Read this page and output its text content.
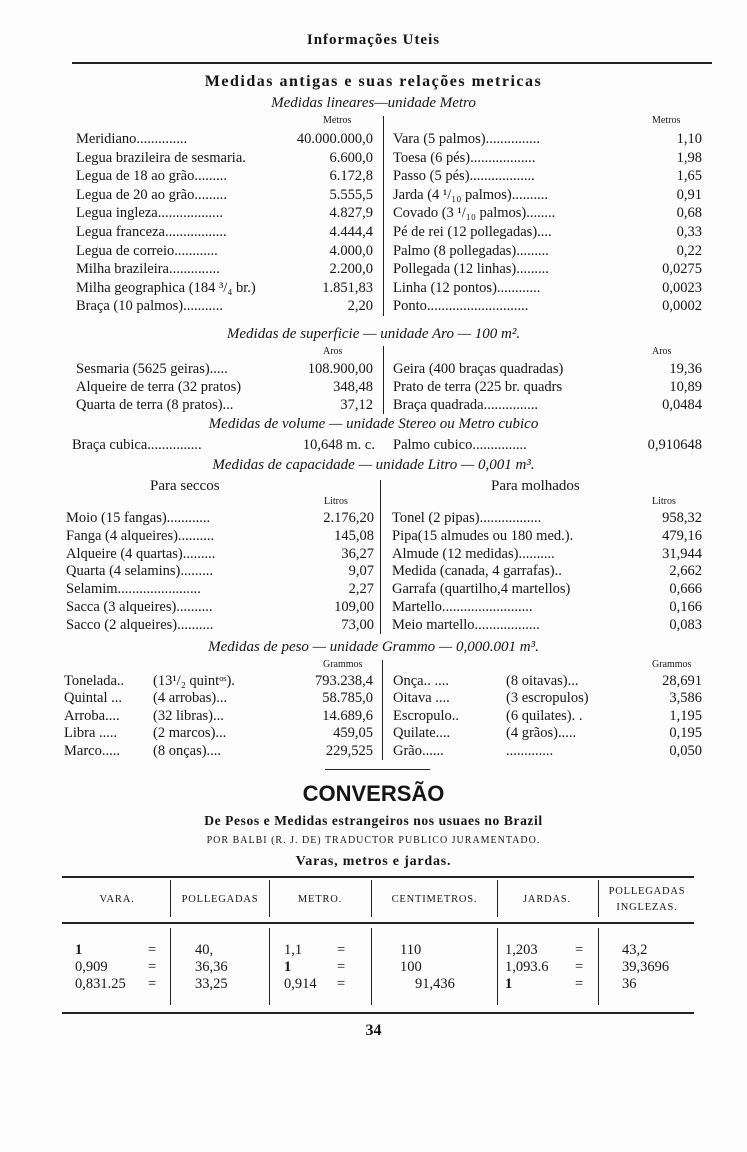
Informações Uteis
Medidas antigas e suas relações metricas
Medidas lineares—unidade Metro
CONVERSÃO
De Pesos e Medidas estrangeiros nos usuaes no Brazil
POR BALBI (R. J. DE) TRADUCTOR PUBLICO JURAMENTADO.
Varas, metros e jardas.
34
Metros	Metros
Meridiano..............	40.000.000,0
Legua brazileira de sesmaria.	6.600,0
Legua de 18 ao grão.........	6.172,8
Legua de 20 ao grão.........	5.555,5
Legua ingleza..................	4.827,9
Legua franceza.................	4.444,4
Legua de correio............	4.000,0
Milha brazileira..............	2.200,0
Milha geographica (184 ³/₄ br.)	1.851,83
Braça (10 palmos)...........	2,20
Vara (5 palmos)...............	1,10
Toesa (6 pés)..................	1,98
Passo (5 pés)..................	1,65
Jarda (4 ¹/₁₀ palmos)..........	0,91
Covado (3 ¹/₁₀ palmos)........	0,68
Pé de rei (12 pollegadas)....	0,33
Palmo (8 pollegadas).........	0,22
Pollegada (12 linhas).........	0,0275
Linha (12 pontos)............	0,0023
Ponto............................	0,0002
Medidas de superficie — unidade Aro — 100 m².
Aros	Aros
Sesmaria (5625 geiras).....	108.900,00
Alqueire de terra (32 pratos)	348,48
Quarta de terra (8 pratos)...	37,12
Geira (400 braças quadradas)	19,36
Prato de terra (225 br. quadrs	10,89
Braça quadrada...............	0,0484
Medidas de volume — unidade Stereo ou Metro cubico
Braça cubica...............	10,648 m. c. Palmo cubico...............	0,910648
Medidas de capacidade — unidade Litro — 0,001 m³.
Litros	Litros
Moio (15 fangas)............	2.176,20
Fanga (4 alqueires)..........	145,08
Alqueire (4 quartas).........	36,27
Quarta (4 selamins).........	9,07
Selamim.......................	2,27
Sacca (3 alqueires)..........	109,00
Sacco (2 alqueires)..........	73,00
Tonel (2 pipas).................	958,32
Pipa(15 almudes ou 180 med.).	479,16
Almude (12 medidas)..........	31,944
Medida (canada, 4 garrafas)..	2,662
Garrafa (quartilho,4 martellos)	0,666
Martello.........................	0,166
Meio martello..................	0,083
Para seccos	Para molhados
Medidas de peso — unidade Grammo — 0,000.001 m³.
Grammos	Grammos
Tonelada.. (13¹/₂ quintᵒˢ).	793.238,4
Quintal ... (4 arrobas)...	58.785,0
Arroba.... (32 libras)...	14.689,6
Libra ..... (2 marcos)...	459,05
Marco..... (8 onças)....	229,525
Onça.. ....	(8 oitavas)...	28,691
Oitava ....	(3 escropulos)	3,586
Escropulo..	(6 quilates). .	1,195
Quilate....	(4 grãos).....	0,195
Grão......	.............	0,050
VARA.	POLLEGADAS	METRO.	CENTIMETROS.	JARDAS.
POLLEGADAS INGLEZAS.
1	=	40,	1,1 =	110	1,203	=	43,2
0,909	=	36,36	1	=	100	1,093.6 =	39,3696
0,831.25 =	33,25	0,914 =	91,436	1	=	36
